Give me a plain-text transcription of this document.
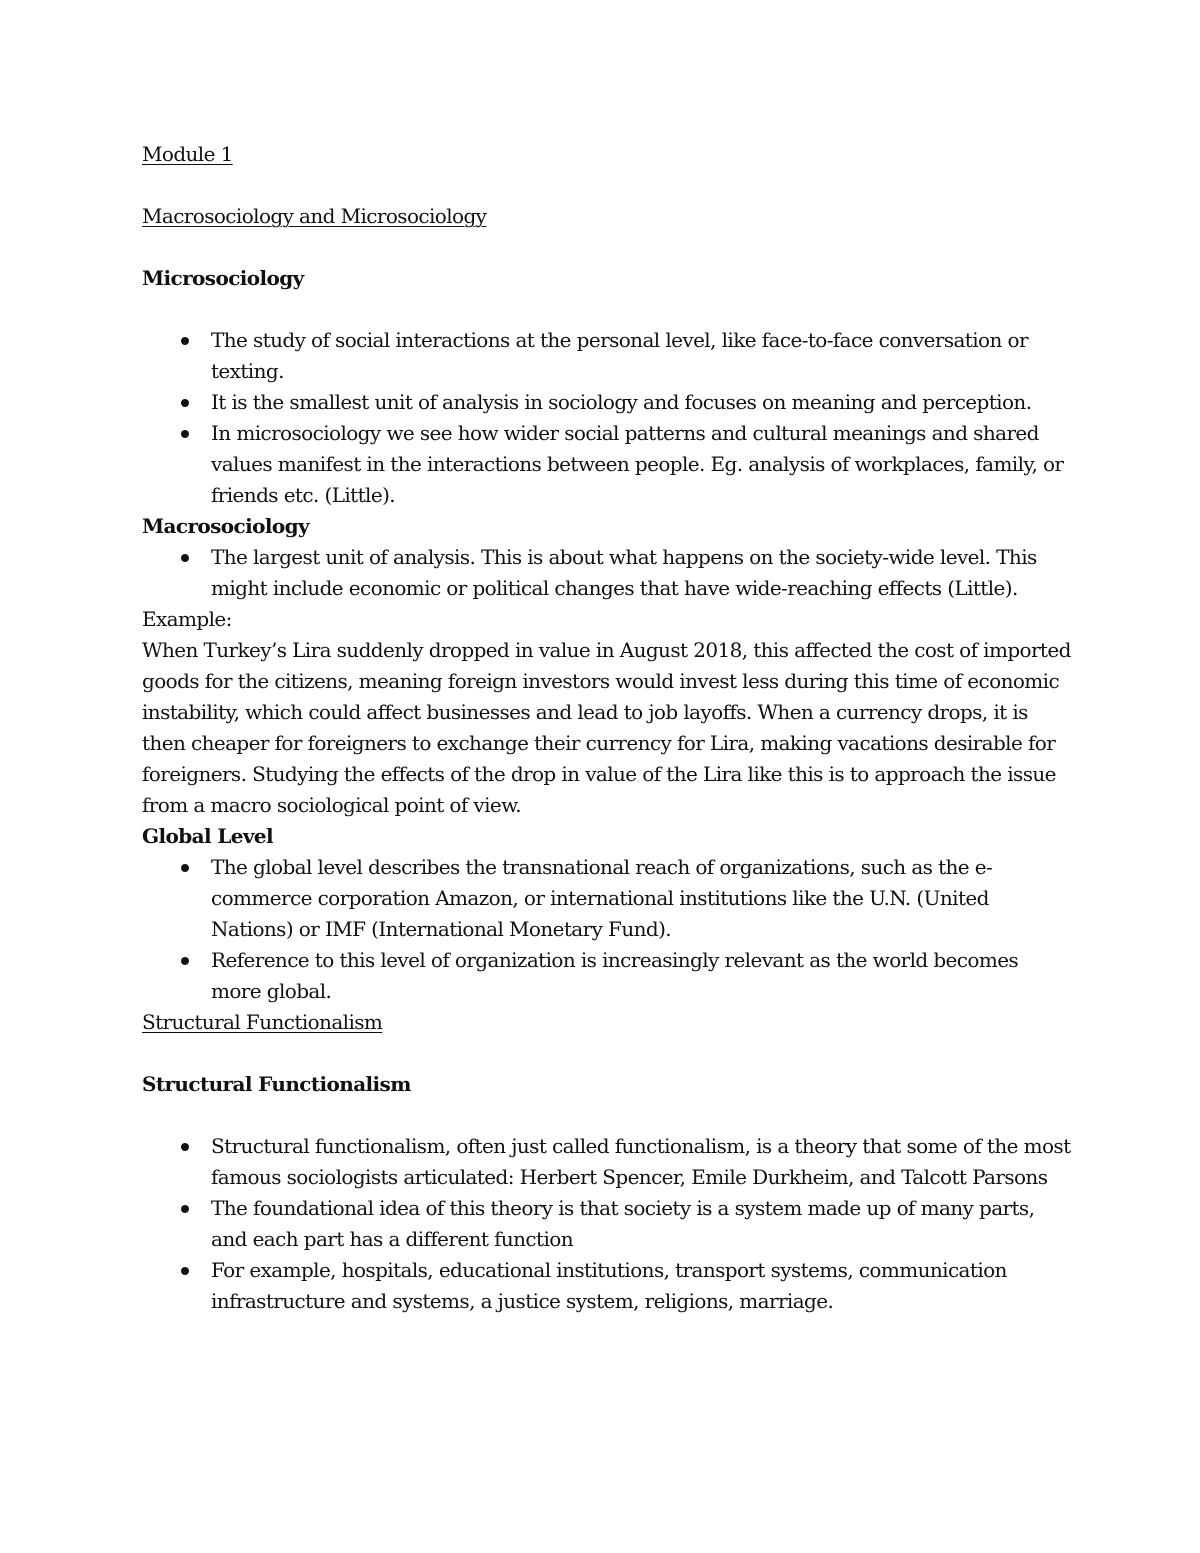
Module 1

Macrosociology and Microsociology

Microsociology

The study of social interactions at the personal level, like face-to-face conversation or texting.
It is the smallest unit of analysis in sociology and focuses on meaning and perception.
In microsociology we see how wider social patterns and cultural meanings and shared values manifest in the interactions between people. Eg. analysis of workplaces, family, or friends etc. (Little).

Macrosociology

The largest unit of analysis. This is about what happens on the society-wide level. This might include economic or political changes that have wide-reaching effects (Little).

Example:

When Turkey’s Lira suddenly dropped in value in August 2018, this affected the cost of imported goods for the citizens, meaning foreign investors would invest less during this time of economic instability, which could affect businesses and lead to job layoffs. When a currency drops, it is then cheaper for foreigners to exchange their currency for Lira, making vacations desirable for foreigners. Studying the effects of the drop in value of the Lira like this is to approach the issue from a macro sociological point of view.

Global Level

The global level describes the transnational reach of organizations, such as the e-commerce corporation Amazon, or international institutions like the U.N. (United Nations) or IMF (International Monetary Fund).
Reference to this level of organization is increasingly relevant as the world becomes more global.

Structural Functionalism

Structural Functionalism

Structural functionalism, often just called functionalism, is a theory that some of the most famous sociologists articulated: Herbert Spencer, Emile Durkheim, and Talcott Parsons
The foundational idea of this theory is that society is a system made up of many parts, and each part has a different function
For example, hospitals, educational institutions, transport systems, communication infrastructure and systems, a justice system, religions, marriage.
